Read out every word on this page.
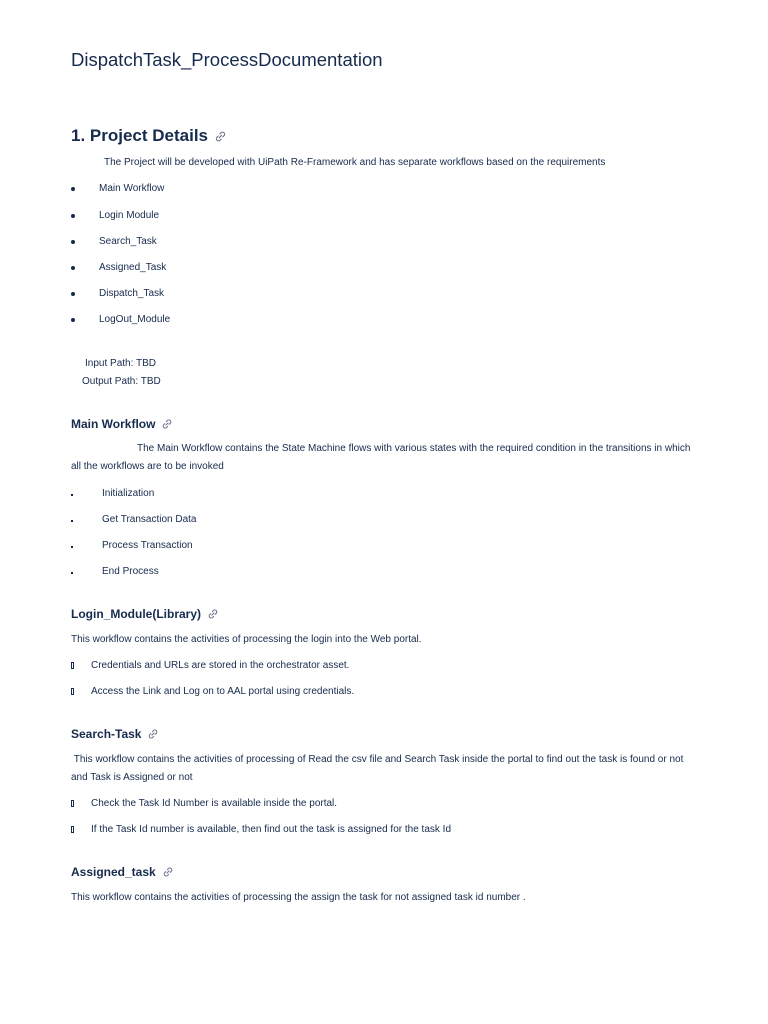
DispatchTask_ProcessDocumentation
1. Project Details

The Project will be developed with UiPath Re-Framework and has separate workflows based on the requirements

Main Workflow
Login Module
Search_Task
Assigned_Task
Dispatch_Task
LogOut_Module
Input Path: TBD
Output Path: TBD
Main Workflow

The Main Workflow contains the State Machine flows with various states with the required condition in the transitions in which all the workflows are to be invoked

Initialization
Get Transaction Data
Process Transaction
End Process
Login_Module(Library)

This workflow contains the activities of processing the login into the Web portal.

Credentials and URLs are stored in the orchestrator asset.
Access the Link and Log on to AAL portal using credentials.
Search-Task

This workflow contains the activities of processing of Read the csv file and Search Task inside the portal to find out the task is found or not and Task is Assigned or not

Check the Task Id Number is available inside the portal.
If the Task Id number is available, then find out the task is assigned for the task Id
Assigned_task

This workflow contains the activities of processing the assign the task for not assigned task id number .
